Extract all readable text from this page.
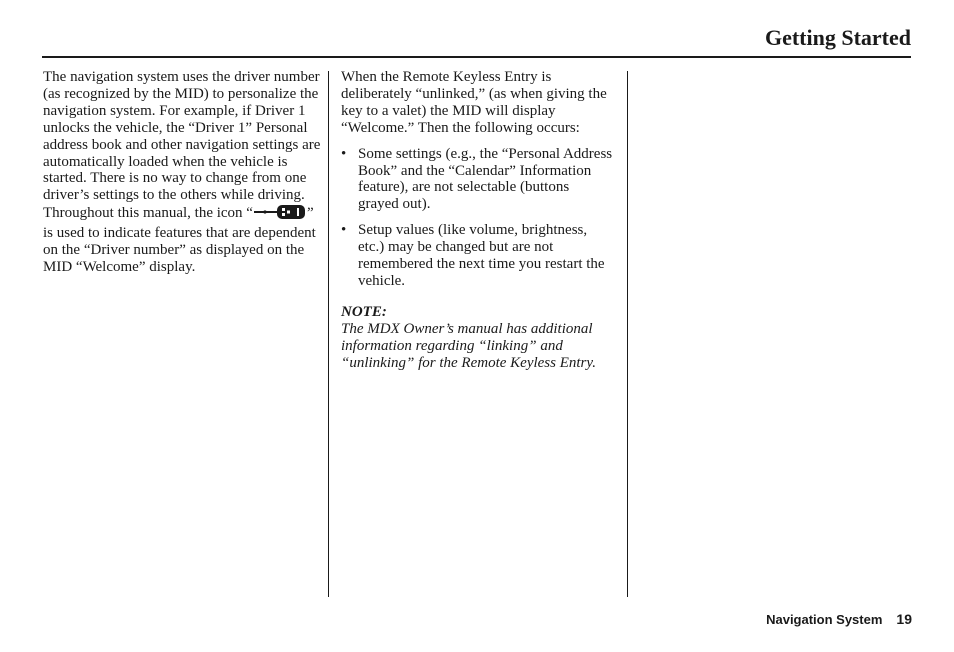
Getting Started

The navigation system uses the driver number (as recognized by the MID) to personalize the navigation system. For example, if Driver 1 unlocks the vehicle, the “Driver 1” Personal address book and other navigation settings are automatically loaded when the vehicle is started. There is no way to change from one driver’s settings to the others while driving.

Throughout this manual, the icon “	” is used to indicate features that are dependent on the “Driver number” as displayed on the MID “Welcome” display.

When the Remote Keyless Entry is deliberately “unlinked,” (as when giving the key to a valet) the MID will display “Welcome.” Then the following occurs:

• Some settings (e.g., the “Personal Address Book” and the “Calendar” Information feature), are not selectable (buttons grayed out).
• Setup values (like volume, brightness, etc.) may be changed but are not remembered the next time you restart the vehicle.

NOTE:

The MDX Owner’s manual has additional information regarding “linking” and “unlinking” for the Remote Keyless Entry.

Navigation System 19
